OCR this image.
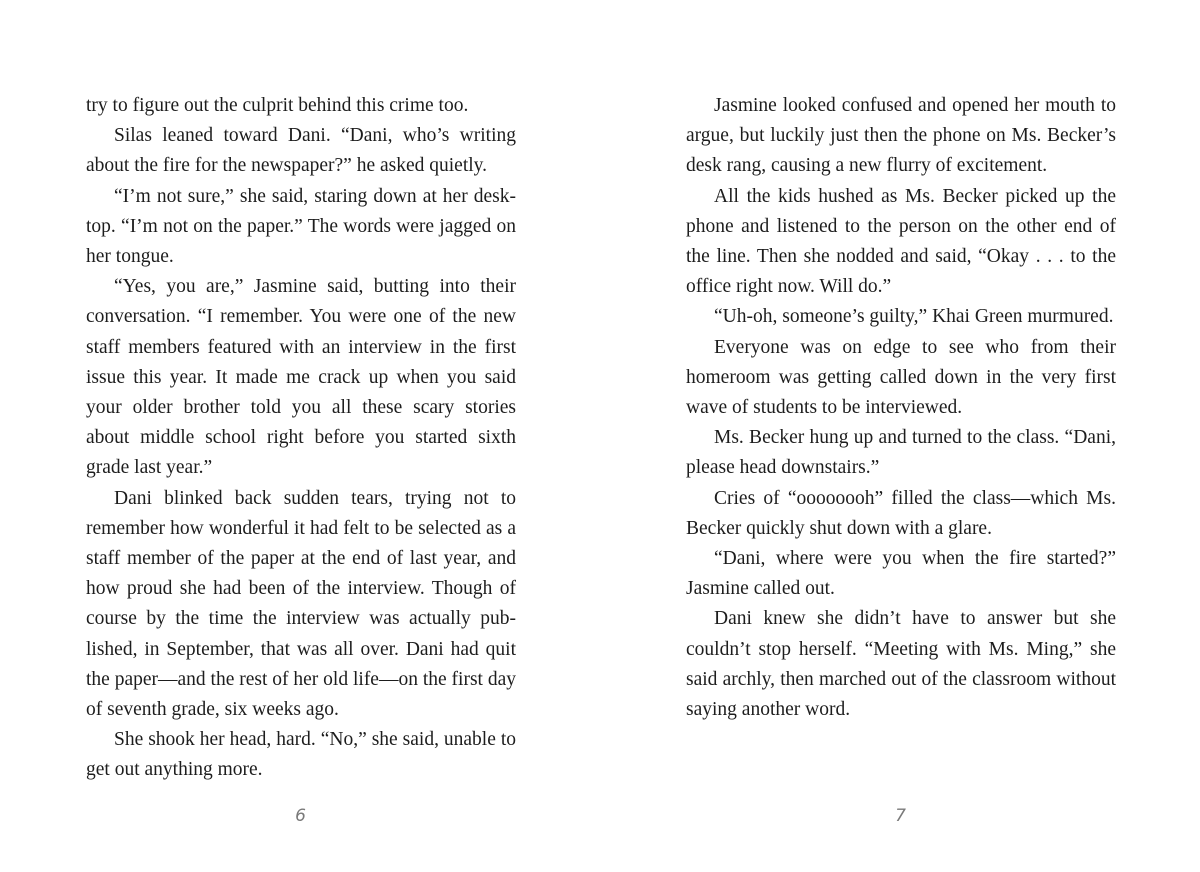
try to figure out the culprit behind this crime too.

Silas leaned toward Dani. “Dani, who’s writing about the fire for the newspaper?” he asked quietly.

“I’m not sure,” she said, staring down at her desktop. “I’m not on the paper.” The words were jagged on her tongue.

“Yes, you are,” Jasmine said, butting into their conversation. “I remember. You were one of the new staff members featured with an interview in the first issue this year. It made me crack up when you said your older brother told you all these scary stories about middle school right before you started sixth grade last year.”

Dani blinked back sudden tears, trying not to remember how wonderful it had felt to be selected as a staff member of the paper at the end of last year, and how proud she had been of the interview. Though of course by the time the interview was actually published, in September, that was all over. Dani had quit the paper—and the rest of her old life—on the first day of seventh grade, six weeks ago.

She shook her head, hard. “No,” she said, unable to get out anything more.

6

Jasmine looked confused and opened her mouth to argue, but luckily just then the phone on Ms. Becker’s desk rang, causing a new flurry of excitement.

All the kids hushed as Ms. Becker picked up the phone and listened to the person on the other end of the line. Then she nodded and said, “Okay . . . to the office right now. Will do.”

“Uh-oh, someone’s guilty,” Khai Green murmured.

Everyone was on edge to see who from their homeroom was getting called down in the very first wave of students to be interviewed.

Ms. Becker hung up and turned to the class. “Dani, please head downstairs.”

Cries of “oooooooh” filled the class—which Ms. Becker quickly shut down with a glare.

“Dani, where were you when the fire started?” Jasmine called out.

Dani knew she didn’t have to answer but she couldn’t stop herself. “Meeting with Ms. Ming,” she said archly, then marched out of the classroom without saying another word.

7
